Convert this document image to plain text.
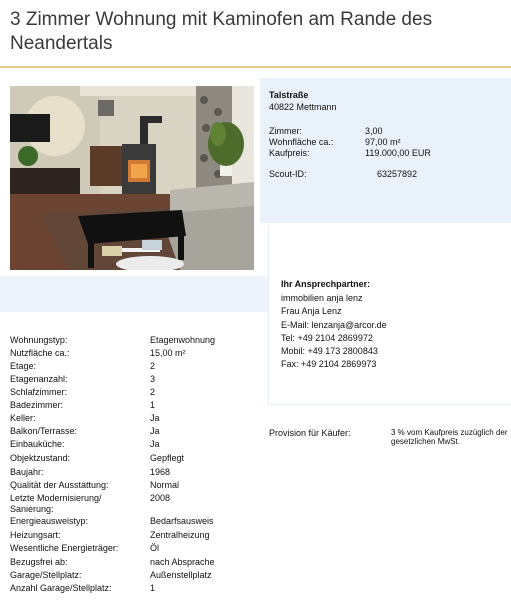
3 Zimmer Wohnung mit Kaminofen am Rande des Neandertals
Talstraße
40822 Mettmann
Zimmer:	3,00
Wohnfläche ca.:	97,00 m²
Kaufpreis:	119.000,00 EUR
Scout-ID:	63257892
Ihr Ansprechpartner:
immobilien anja lenz
Frau Anja Lenz
E-Mail: lenzanja@arcor.de
Tel: +49 2104 2869972
Mobil: +49 173 2800843
Fax: +49 2104 2869973
Provision für Käufer:	3 % vom Kaufpreis zuzüglich der gesetzlichen MwSt.
Wohnungstyp:	Etagenwohnung
Nutzfläche ca.:	15,00 m²
Etage:	2
Etagenanzahl:	3
Schlafzimmer:	2
Badezimmer:	1
Keller:	Ja
Balkon/Terrasse:	Ja
Einbauküche:	Ja
Objektzustand:	Gepflegt
Baujahr:	1968
Qualität der Ausstattung:	Normal
Letzte Modernisierung/ Sanierung:
2008
Energieausweistyp:	Bedarfsausweis
Heizungsart:	Zentralheizung
Wesentliche Energieträger:	Öl
Bezugsfrei ab:	nach Absprache
Garage/Stellplatz:	Außenstellplatz
Anzahl Garage/Stellplatz:	1
